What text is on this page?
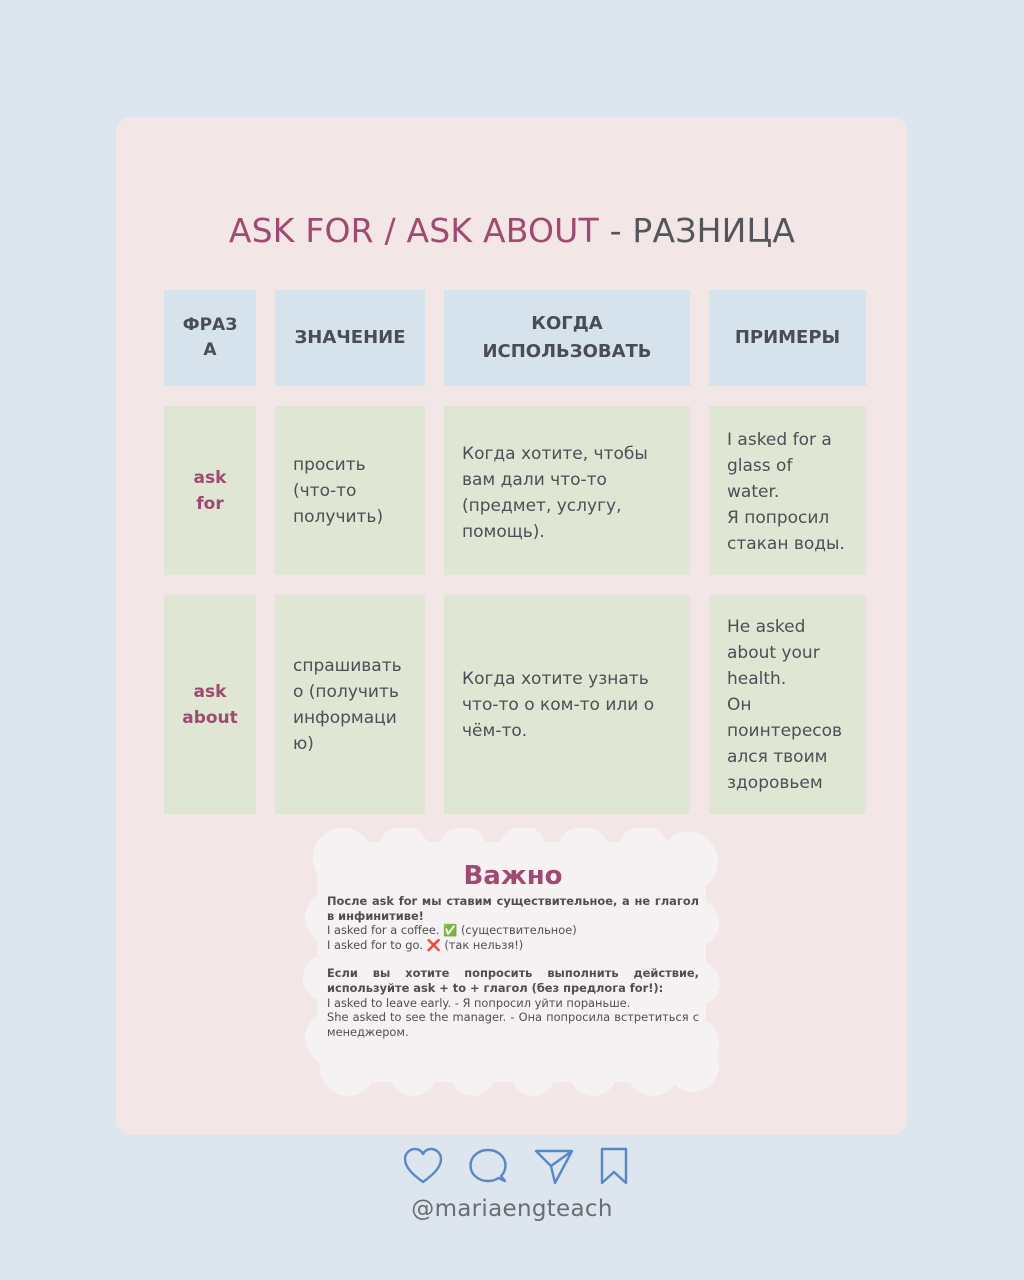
ASK FOR / ASK ABOUT - РАЗНИЦА
ФРАЗ
А
ЗНАЧЕНИЕ
КОГДА
ИСПОЛЬЗОВАТЬ
ПРИМЕРЫ
ask
for
просить
(что-то
получить)
Когда хотите, чтобы
вам дали что-то
(предмет, услугу,
помощь).
I asked for a
glass of
water.
Я попросил
стакан воды.
ask
about
спрашивать
о (получить
информаци
ю)
Когда хотите узнать
что-то о ком-то или о
чём-то.
He asked
about your
health.
Он
поинтересов
ался твоим
здоровьем
Важно
После ask for мы ставим существительное, а не глагол в инфинитиве!
I asked for a coffee. ✅ (существительное)
I asked for to go. ❌ (так нельзя!)
Если вы хотите попросить выполнить действие, используйте ask + to + глагол (без предлога for!):
I asked to leave early. - Я попросил уйти пораньше.
She asked to see the manager. - Она попросила встретиться с менеджером.
@mariaengteach
